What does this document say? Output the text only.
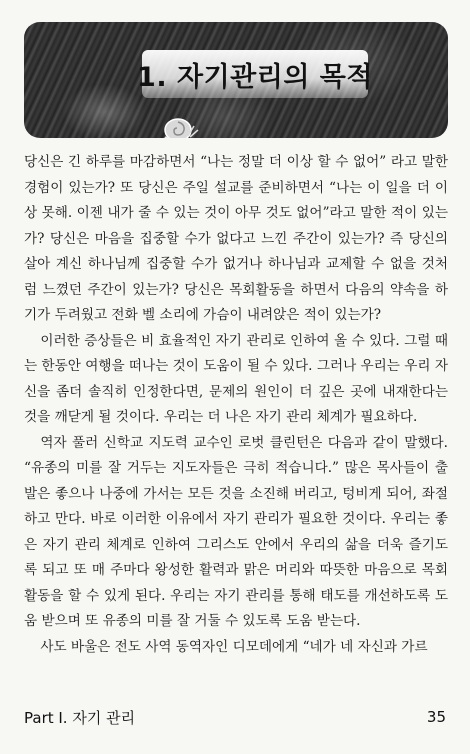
1. 자기관리의 목적

당신은 긴 하루를 마감하면서 “나는 정말 더 이상 할 수 없어” 라고 말한 경험이 있는가? 또 당신은 주일 설교를 준비하면서 “나는 이 일을 더 이상 못해. 이젠 내가 줄 수 있는 것이 아무 것도 없어”라고 말한 적이 있는가? 당신은 마음을 집중할 수가 없다고 느낀 주간이 있는가? 즉 당신의 살아 계신 하나님께 집중할 수가 없거나 하나님과 교제할 수 없을 것처럼 느꼈던 주간이 있는가? 당신은 목회활동을 하면서 다음의 약속을 하기가 두려웠고 전화 벨 소리에 가슴이 내려앉은 적이 있는가?

이러한 증상들은 비 효율적인 자기 관리로 인하여 올 수 있다. 그럴 때는 한동안 여행을 떠나는 것이 도움이 될 수 있다. 그러나 우리는 우리 자신을 좀더 솔직히 인정한다면, 문제의 원인이 더 깊은 곳에 내재한다는 것을 깨닫게 될 것이다. 우리는 더 나은 자기 관리 체계가 필요하다.

역자 풀러 신학교 지도력 교수인 로벗 클린턴은 다음과 같이 말했다. “유종의 미를 잘 거두는 지도자들은 극히 적습니다.” 많은 목사들이 출발은 좋으나 나중에 가서는 모든 것을 소진해 버리고, 텅비게 되어, 좌절하고 만다. 바로 이러한 이유에서 자기 관리가 필요한 것이다. 우리는 좋은 자기 관리 체계로 인하여 그리스도 안에서 우리의 삶을 더욱 즐기도록 되고 또 매 주마다 왕성한 활력과 맑은 머리와 따뜻한 마음으로 목회활동을 할 수 있게 된다. 우리는 자기 관리를 통해 태도를 개선하도록 도움 받으며 또 유종의 미를 잘 거둘 수 있도록 도움 받는다.

사도 바울은 전도 사역 동역자인 디모데에게 “네가 네 자신과 가르

Part Ⅰ. 자기 관리	35
